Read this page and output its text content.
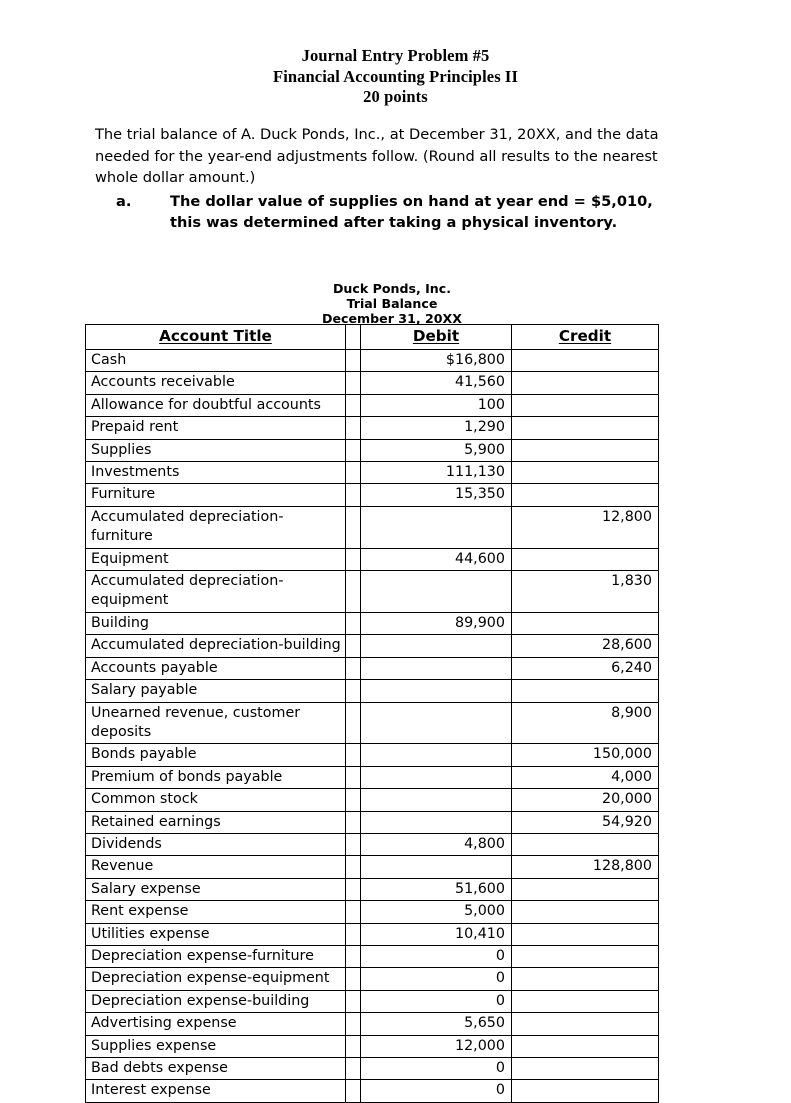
Journal Entry Problem #5
Financial Accounting Principles II
20 points
The trial balance of A. Duck Ponds, Inc., at December 31, 20XX, and the data needed for the year-end adjustments follow. (Round all results to the nearest whole dollar amount.)
a.	The dollar value of supplies on hand at year end = $5,010, this was determined after taking a physical inventory.
Duck Ponds, Inc.
Trial Balance
December 31, 20XX
Account Title		Debit	Credit
Cash		$16,800	
Accounts receivable		41,560	
Allowance for doubtful accounts		100	
Prepaid rent		1,290	
Supplies		5,900	
Investments		111,130	
Furniture		15,350	
Accumulated depreciation-furniture			12,800
Equipment		44,600	
Accumulated depreciation-equipment			1,830
Building		89,900	
Accumulated depreciation-building			28,600
Accounts payable			6,240
Salary payable			
Unearned revenue, customer deposits			8,900
Bonds payable			150,000
Premium of bonds payable			4,000
Common stock			20,000
Retained earnings			54,920
Dividends		4,800	
Revenue			128,800
Salary expense		51,600	
Rent expense		5,000	
Utilities expense		10,410	
Depreciation expense-furniture		0	
Depreciation expense-equipment		0	
Depreciation expense-building		0	
Advertising expense		5,650	
Supplies expense		12,000	
Bad debts expense		0	
Interest expense		0	
